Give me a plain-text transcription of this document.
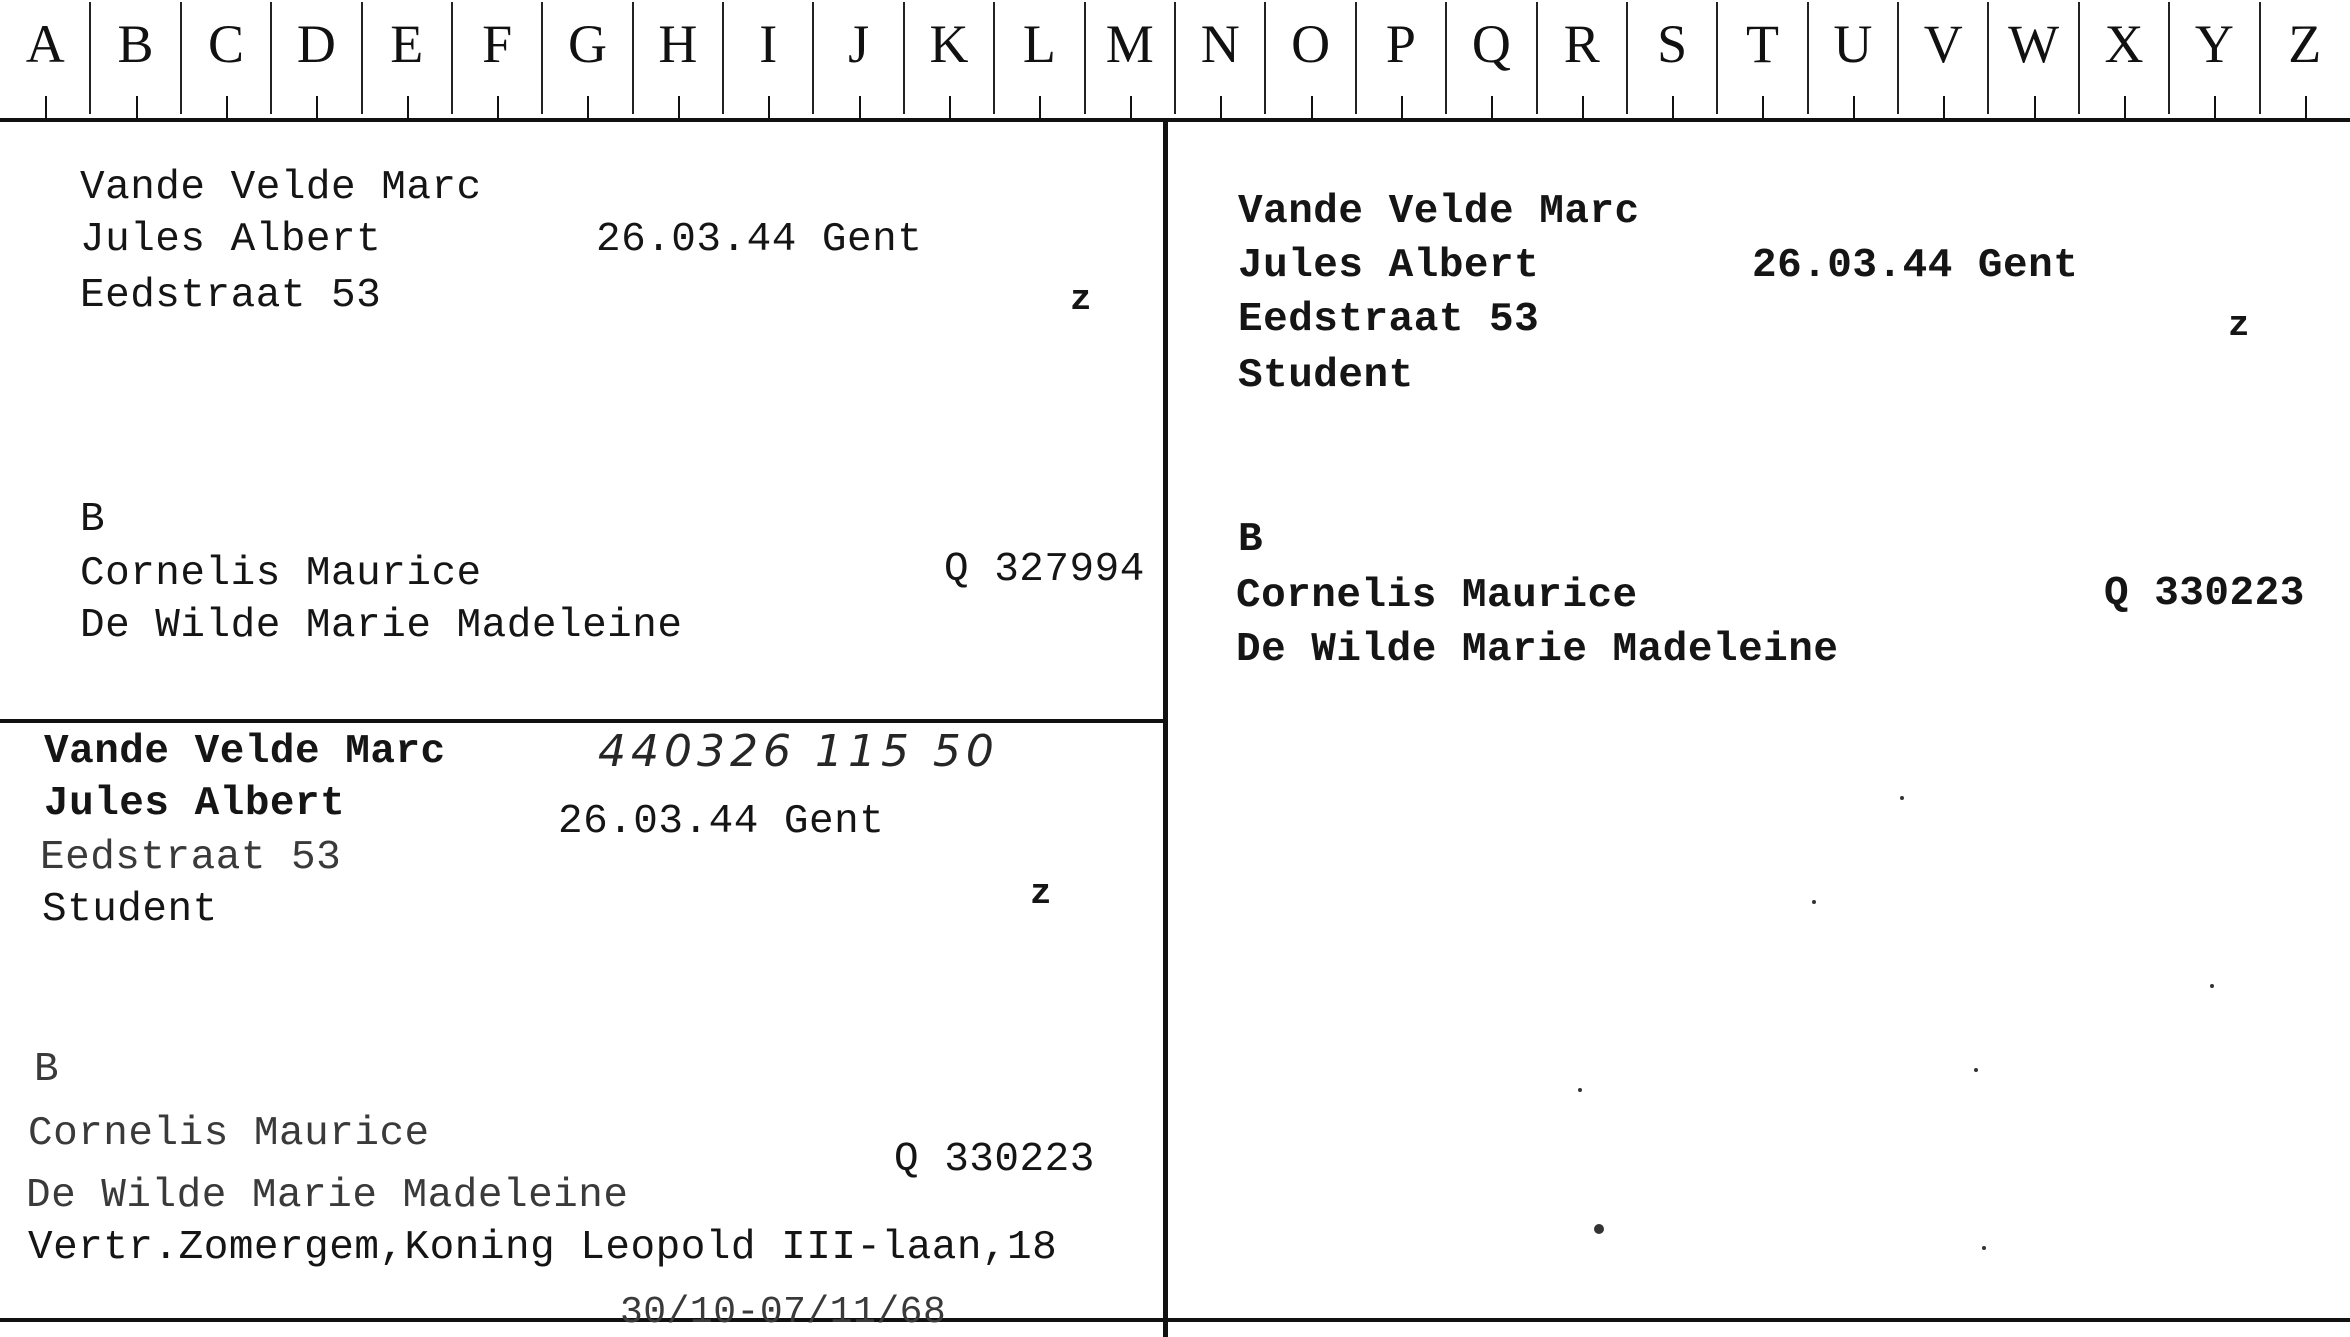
A B	C D	E	F	G H	I	J	K	L M N O	P	Q R	S	T	U V W X Y	Z
Vande Velde Marc
Jules Albert	26.03.44 Gent
Eedstraat 53	z
B
Cornelis Maurice	Q 327994
De Wilde Marie Madeleine
Vande Velde Marc
Jules Albert	26.03.44 Gent
Eedstraat 53	z
Student
B
Cornelis Maurice	Q 330223
De Wilde Marie Madeleine
Vande Velde Marc	440326 115 50
Jules Albert	26.03.44 Gent
Eedstraat 53
z
Student
B
Cornelis Maurice
Q 330223
De Wilde Marie Madeleine
Vertr.Zomergem,Koning Leopold III-laan,18
30/10-07/11/68
